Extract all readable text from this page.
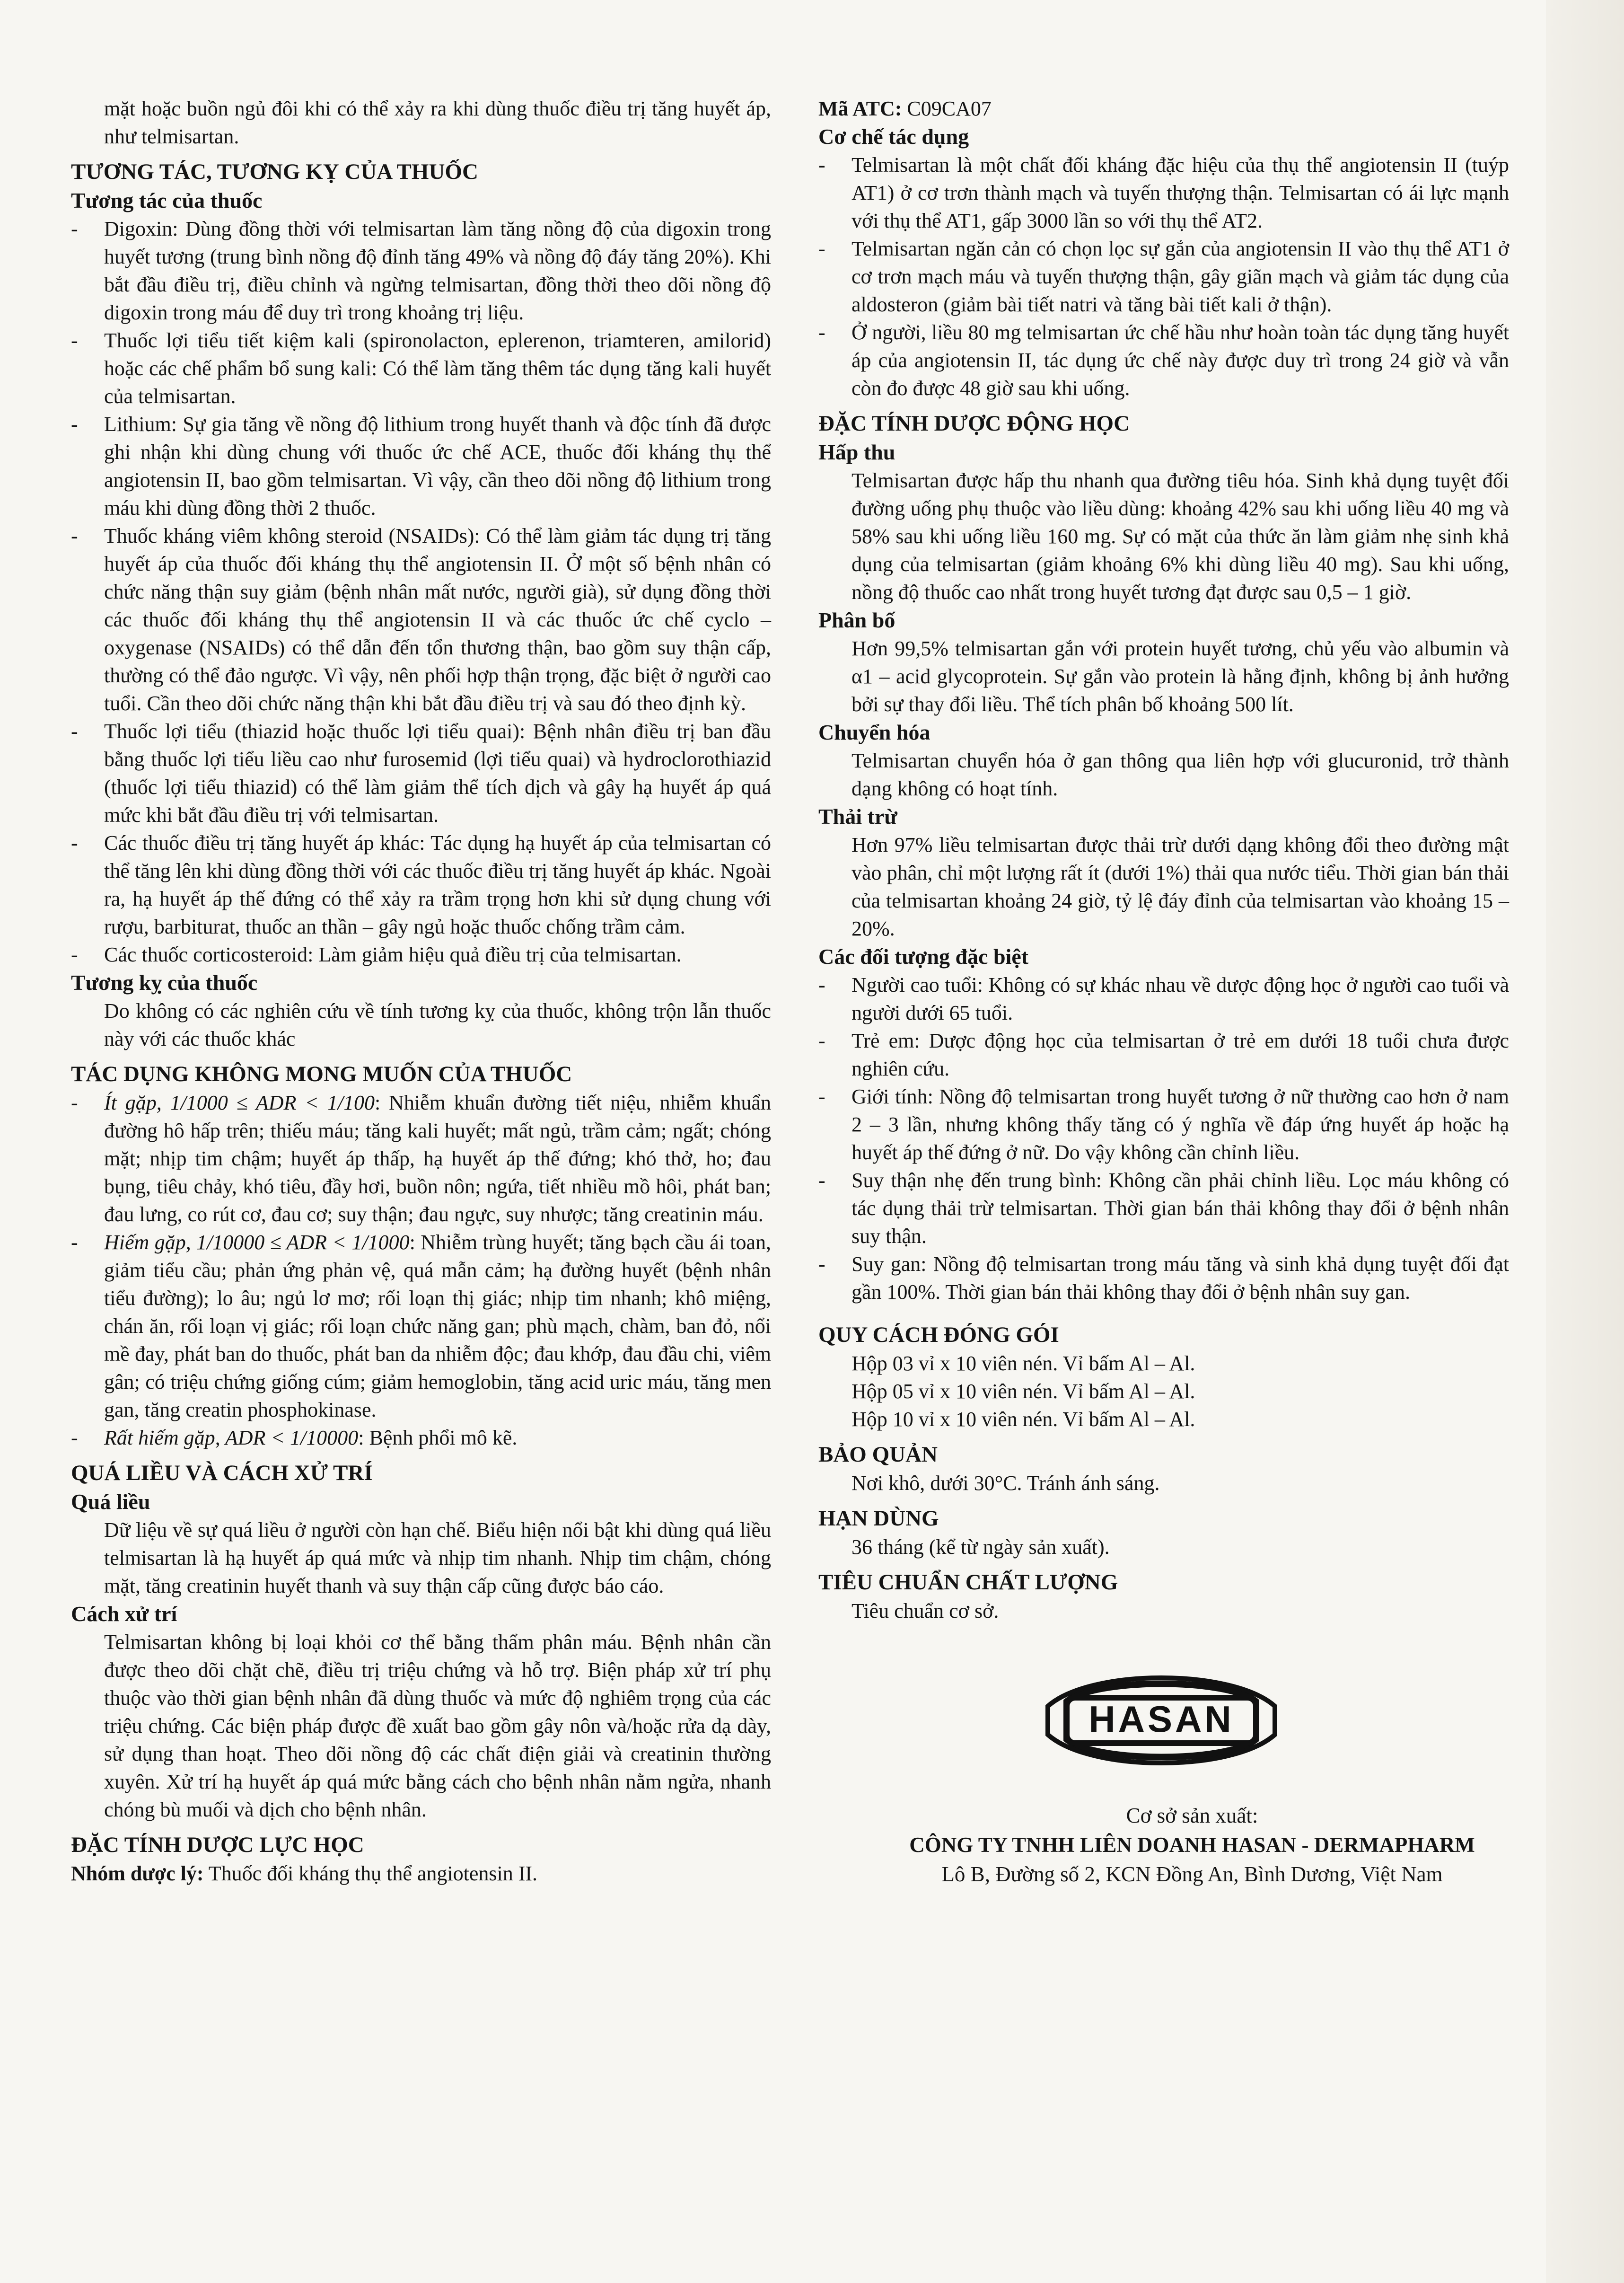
mặt hoặc buồn ngủ đôi khi có thể xảy ra khi dùng thuốc điều trị tăng huyết áp, như telmisartan.

TƯƠNG TÁC, TƯƠNG KỴ CỦA THUỐC
Tương tác của thuốc

- Digoxin: Dùng đồng thời với telmisartan làm tăng nồng độ của digoxin trong huyết tương (trung bình nồng độ đỉnh tăng 49% và nồng độ đáy tăng 20%). Khi bắt đầu điều trị, điều chỉnh và ngừng telmisartan, đồng thời theo dõi nồng độ digoxin trong máu để duy trì trong khoảng trị liệu.

- Thuốc lợi tiểu tiết kiệm kali (spironolacton, eplerenon, triamteren, amilorid) hoặc các chế phẩm bổ sung kali: Có thể làm tăng thêm tác dụng tăng kali huyết của telmisartan.

- Lithium: Sự gia tăng về nồng độ lithium trong huyết thanh và độc tính đã được ghi nhận khi dùng chung với thuốc ức chế ACE, thuốc đối kháng thụ thể angiotensin II, bao gồm telmisartan. Vì vậy, cần theo dõi nồng độ lithium trong máu khi dùng đồng thời 2 thuốc.

- Thuốc kháng viêm không steroid (NSAIDs): Có thể làm giảm tác dụng trị tăng huyết áp của thuốc đối kháng thụ thể angiotensin II. Ở một số bệnh nhân có chức năng thận suy giảm (bệnh nhân mất nước, người già), sử dụng đồng thời các thuốc đối kháng thụ thể angiotensin II và các thuốc ức chế cyclo – oxygenase (NSAIDs) có thể dẫn đến tổn thương thận, bao gồm suy thận cấp, thường có thể đảo ngược. Vì vậy, nên phối hợp thận trọng, đặc biệt ở người cao tuổi. Cần theo dõi chức năng thận khi bắt đầu điều trị và sau đó theo định kỳ.

- Thuốc lợi tiểu (thiazid hoặc thuốc lợi tiểu quai): Bệnh nhân điều trị ban đầu bằng thuốc lợi tiểu liều cao như furosemid (lợi tiểu quai) và hydroclorothiazid (thuốc lợi tiểu thiazid) có thể làm giảm thể tích dịch và gây hạ huyết áp quá mức khi bắt đầu điều trị với telmisartan.

- Các thuốc điều trị tăng huyết áp khác: Tác dụng hạ huyết áp của telmisartan có thể tăng lên khi dùng đồng thời với các thuốc điều trị tăng huyết áp khác. Ngoài ra, hạ huyết áp thế đứng có thể xảy ra trầm trọng hơn khi sử dụng chung với rượu, barbiturat, thuốc an thần – gây ngủ hoặc thuốc chống trầm cảm.

- Các thuốc corticosteroid: Làm giảm hiệu quả điều trị của telmisartan.

Tương kỵ của thuốc

Do không có các nghiên cứu về tính tương kỵ của thuốc, không trộn lẫn thuốc này với các thuốc khác

TÁC DỤNG KHÔNG MONG MUỐN CỦA THUỐC

- Ít gặp, 1/1000 ≤ ADR < 1/100: Nhiễm khuẩn đường tiết niệu, nhiễm khuẩn đường hô hấp trên; thiếu máu; tăng kali huyết; mất ngủ, trầm cảm; ngất; chóng mặt; nhịp tim chậm; huyết áp thấp, hạ huyết áp thế đứng; khó thở, ho; đau bụng, tiêu chảy, khó tiêu, đầy hơi, buồn nôn; ngứa, tiết nhiều mồ hôi, phát ban; đau lưng, co rút cơ, đau cơ; suy thận; đau ngực, suy nhược; tăng creatinin máu.

- Hiếm gặp, 1/10000 ≤ ADR < 1/1000: Nhiễm trùng huyết; tăng bạch cầu ái toan, giảm tiểu cầu; phản ứng phản vệ, quá mẫn cảm; hạ đường huyết (bệnh nhân tiểu đường); lo âu; ngủ lơ mơ; rối loạn thị giác; nhịp tim nhanh; khô miệng, chán ăn, rối loạn vị giác; rối loạn chức năng gan; phù mạch, chàm, ban đỏ, nổi mề đay, phát ban do thuốc, phát ban da nhiễm độc; đau khớp, đau đầu chi, viêm gân; có triệu chứng giống cúm; giảm hemoglobin, tăng acid uric máu, tăng men gan, tăng creatin phosphokinase.

- Rất hiếm gặp, ADR < 1/10000: Bệnh phổi mô kẽ.

QUÁ LIỀU VÀ CÁCH XỬ TRÍ
Quá liều

Dữ liệu về sự quá liều ở người còn hạn chế. Biểu hiện nổi bật khi dùng quá liều telmisartan là hạ huyết áp quá mức và nhịp tim nhanh. Nhịp tim chậm, chóng mặt, tăng creatinin huyết thanh và suy thận cấp cũng được báo cáo.

Cách xử trí

Telmisartan không bị loại khỏi cơ thể bằng thẩm phân máu. Bệnh nhân cần được theo dõi chặt chẽ, điều trị triệu chứng và hỗ trợ. Biện pháp xử trí phụ thuộc vào thời gian bệnh nhân đã dùng thuốc và mức độ nghiêm trọng của các triệu chứng. Các biện pháp được đề xuất bao gồm gây nôn và/hoặc rửa dạ dày, sử dụng than hoạt. Theo dõi nồng độ các chất điện giải và creatinin thường xuyên. Xử trí hạ huyết áp quá mức bằng cách cho bệnh nhân nằm ngửa, nhanh chóng bù muối và dịch cho bệnh nhân.

ĐẶC TÍNH DƯỢC LỰC HỌC

Nhóm dược lý: Thuốc đối kháng thụ thể angiotensin II.

Mã ATC: C09CA07

Cơ chế tác dụng

- Telmisartan là một chất đối kháng đặc hiệu của thụ thể angiotensin II (tuýp AT1) ở cơ trơn thành mạch và tuyến thượng thận. Telmisartan có ái lực mạnh với thụ thể AT1, gấp 3000 lần so với thụ thể AT2.

- Telmisartan ngăn cản có chọn lọc sự gắn của angiotensin II vào thụ thể AT1 ở cơ trơn mạch máu và tuyến thượng thận, gây giãn mạch và giảm tác dụng của aldosteron (giảm bài tiết natri và tăng bài tiết kali ở thận).

- Ở người, liều 80 mg telmisartan ức chế hầu như hoàn toàn tác dụng tăng huyết áp của angiotensin II, tác dụng ức chế này được duy trì trong 24 giờ và vẫn còn đo được 48 giờ sau khi uống.

ĐẶC TÍNH DƯỢC ĐỘNG HỌC
Hấp thu

Telmisartan được hấp thu nhanh qua đường tiêu hóa. Sinh khả dụng tuyệt đối đường uống phụ thuộc vào liều dùng: khoảng 42% sau khi uống liều 40 mg và 58% sau khi uống liều 160 mg. Sự có mặt của thức ăn làm giảm nhẹ sinh khả dụng của telmisartan (giảm khoảng 6% khi dùng liều 40 mg). Sau khi uống, nồng độ thuốc cao nhất trong huyết tương đạt được sau 0,5 – 1 giờ.

Phân bố

Hơn 99,5% telmisartan gắn với protein huyết tương, chủ yếu vào albumin và α1 – acid glycoprotein. Sự gắn vào protein là hằng định, không bị ảnh hưởng bởi sự thay đổi liều. Thể tích phân bố khoảng 500 lít.

Chuyển hóa

Telmisartan chuyển hóa ở gan thông qua liên hợp với glucuronid, trở thành dạng không có hoạt tính.

Thải trừ

Hơn 97% liều telmisartan được thải trừ dưới dạng không đổi theo đường mật vào phân, chỉ một lượng rất ít (dưới 1%) thải qua nước tiểu. Thời gian bán thải của telmisartan khoảng 24 giờ, tỷ lệ đáy đỉnh của telmisartan vào khoảng 15 – 20%.

Các đối tượng đặc biệt

- Người cao tuổi: Không có sự khác nhau về dược động học ở người cao tuổi và người dưới 65 tuổi.

- Trẻ em: Dược động học của telmisartan ở trẻ em dưới 18 tuổi chưa được nghiên cứu.

- Giới tính: Nồng độ telmisartan trong huyết tương ở nữ thường cao hơn ở nam 2 – 3 lần, nhưng không thấy tăng có ý nghĩa về đáp ứng huyết áp hoặc hạ huyết áp thế đứng ở nữ. Do vậy không cần chỉnh liều.

- Suy thận nhẹ đến trung bình: Không cần phải chỉnh liều. Lọc máu không có tác dụng thải trừ telmisartan. Thời gian bán thải không thay đổi ở bệnh nhân suy thận.

- Suy gan: Nồng độ telmisartan trong máu tăng và sinh khả dụng tuyệt đối đạt gần 100%. Thời gian bán thải không thay đổi ở bệnh nhân suy gan.

QUY CÁCH ĐÓNG GÓI

Hộp 03 vỉ x 10 viên nén. Vỉ bấm Al – Al.

Hộp 05 vỉ x 10 viên nén. Vỉ bấm Al – Al.

Hộp 10 vỉ x 10 viên nén. Vỉ bấm Al – Al.

BẢO QUẢN

Nơi khô, dưới 30°C. Tránh ánh sáng.

HẠN DÙNG

36 tháng (kể từ ngày sản xuất).

TIÊU CHUẨN CHẤT LƯỢNG

Tiêu chuẩn cơ sở.

HASAN

Cơ sở sản xuất:

CÔNG TY TNHH LIÊN DOANH HASAN - DERMAPHARM

Lô B, Đường số 2, KCN Đồng An, Bình Dương, Việt Nam
